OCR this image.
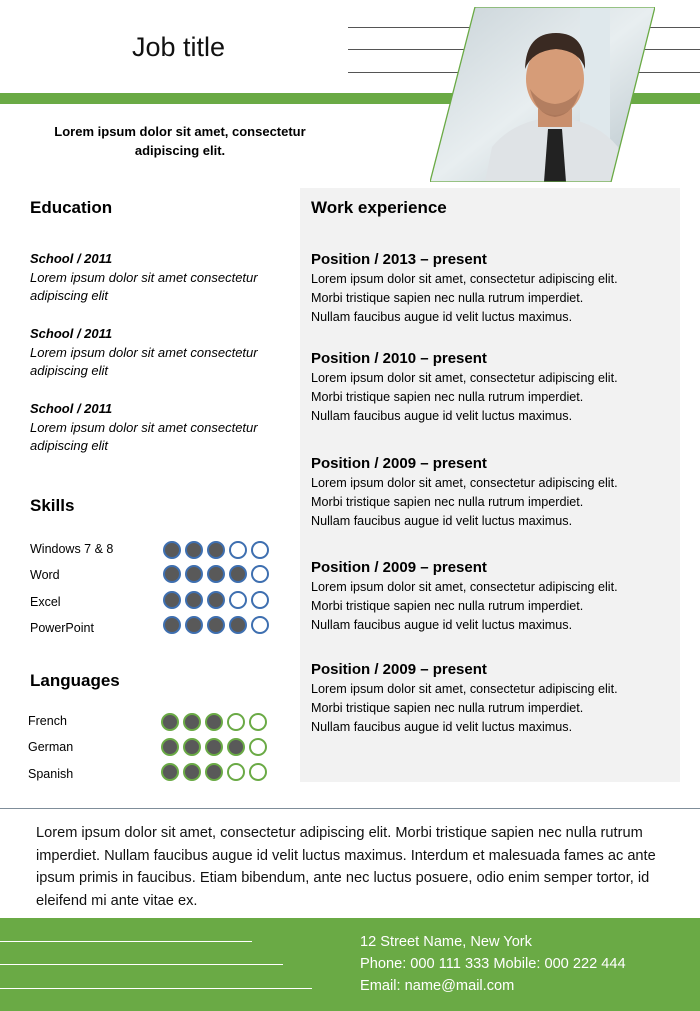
Job title
Lorem ipsum dolor sit amet, consectetur adipiscing elit.
Education
School / 2011
Lorem ipsum dolor sit amet consectetur adipiscing elit
School / 2011
Lorem ipsum dolor sit amet consectetur adipiscing elit
School / 2011
Lorem ipsum dolor sit amet consectetur adipiscing elit
Skills
Windows 7 & 8
Word
Excel
PowerPoint
Languages
French
German
Spanish
Work experience
Position / 2013 – present
Lorem ipsum dolor sit amet, consectetur adipiscing elit.
Morbi tristique sapien nec nulla rutrum imperdiet.
Nullam faucibus augue id velit luctus maximus.
Position / 2010 – present
Lorem ipsum dolor sit amet, consectetur adipiscing elit.
Morbi tristique sapien nec nulla rutrum imperdiet.
Nullam faucibus augue id velit luctus maximus.
Position / 2009 – present
Lorem ipsum dolor sit amet, consectetur adipiscing elit.
Morbi tristique sapien nec nulla rutrum imperdiet.
Nullam faucibus augue id velit luctus maximus.
Position / 2009 – present
Lorem ipsum dolor sit amet, consectetur adipiscing elit.
Morbi tristique sapien nec nulla rutrum imperdiet.
Nullam faucibus augue id velit luctus maximus.
Position / 2009 – present
Lorem ipsum dolor sit amet, consectetur adipiscing elit.
Morbi tristique sapien nec nulla rutrum imperdiet.
Nullam faucibus augue id velit luctus maximus.
Lorem ipsum dolor sit amet, consectetur adipiscing elit. Morbi tristique sapien nec nulla rutrum imperdiet. Nullam faucibus augue id velit luctus maximus. Interdum et malesuada fames ac ante ipsum primis in faucibus. Etiam bibendum, ante nec luctus posuere, odio enim semper tortor, id eleifend mi ante vitae ex.
12 Street Name, New York
Phone: 000 111 333 Mobile: 000 222 444
Email: name@mail.com
